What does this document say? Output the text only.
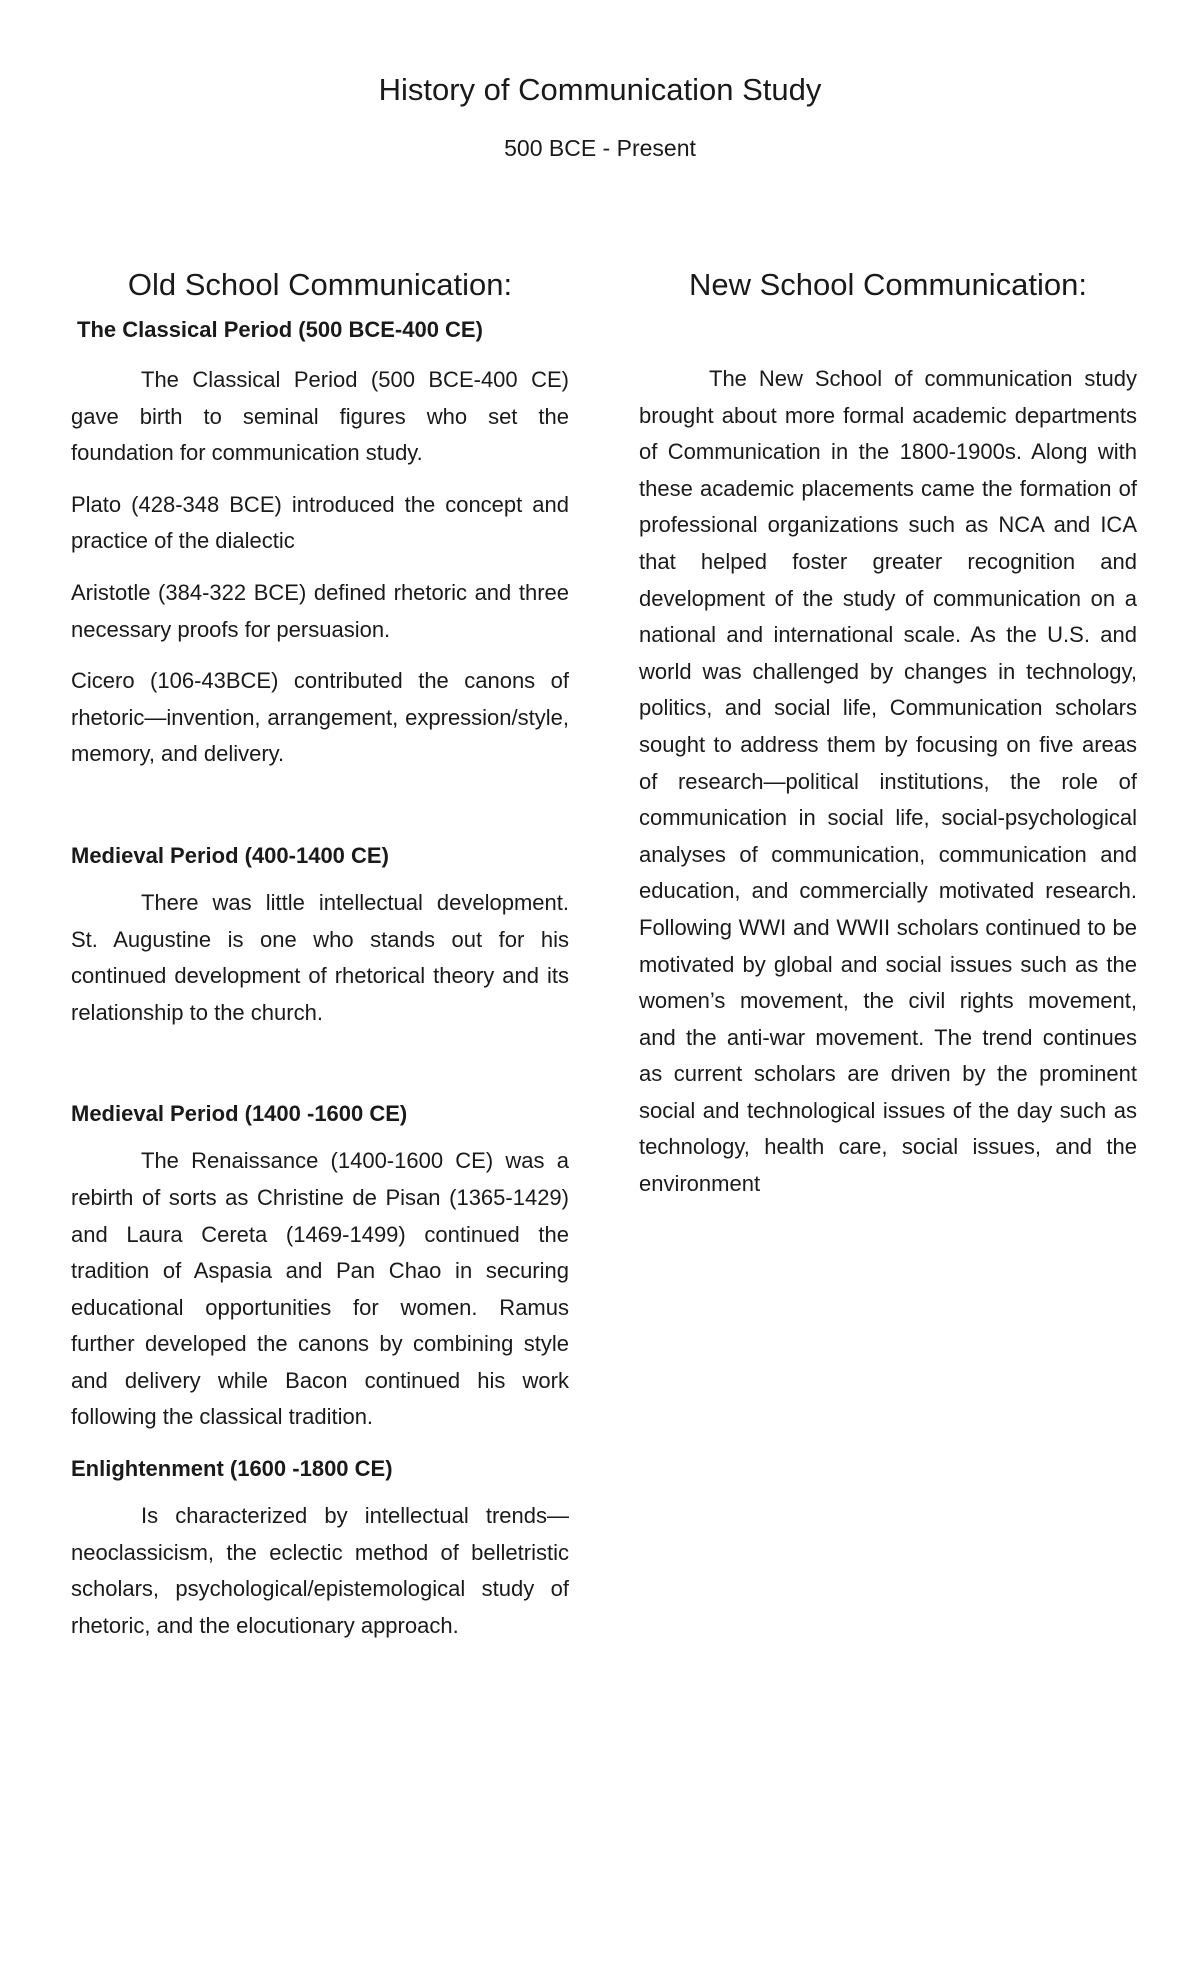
History of Communication Study
500 BCE - Present
Old School Communication:
The Classical Period (500 BCE-400 CE)

The Classical Period (500 BCE-400 CE) gave birth to seminal figures who set the foundation for communication study.

Plato (428-348 BCE) introduced the concept and practice of the dialectic

Aristotle (384-322 BCE) defined rhetoric and three necessary proofs for persuasion.

Cicero (106-43BCE) contributed the canons of rhetoric—invention, arrangement, expression/style, memory, and delivery.

Medieval Period (400-1400 CE)

There was little intellectual development. St. Augustine is one who stands out for his continued development of rhetorical theory and its relationship to the church.

Medieval Period (1400 -1600 CE)

The Renaissance (1400-1600 CE) was a rebirth of sorts as Christine de Pisan (1365-1429) and Laura Cereta (1469-1499) continued the tradition of Aspasia and Pan Chao in securing educational opportunities for women. Ramus further developed the canons by combining style and delivery while Bacon continued his work following the classical tradition.

Enlightenment (1600 -1800 CE)

Is characterized by intellectual trends—neoclassicism, the eclectic method of belletristic scholars, psychological/epistemological study of rhetoric, and the elocutionary approach.

New School Communication:

The New School of communication study brought about more formal academic departments of Communication in the 1800-1900s. Along with these academic placements came the formation of professional organizations such as NCA and ICA that helped foster greater recognition and development of the study of communication on a national and international scale. As the U.S. and world was challenged by changes in technology, politics, and social life, Communication scholars sought to address them by focusing on five areas of research—political institutions, the role of communication in social life, social-psychological analyses of communication, communication and education, and commercially motivated research. Following WWI and WWII scholars continued to be motivated by global and social issues such as the women’s movement, the civil rights movement, and the anti-war movement. The trend continues as current scholars are driven by the prominent social and technological issues of the day such as technology, health care, social issues, and the environment
